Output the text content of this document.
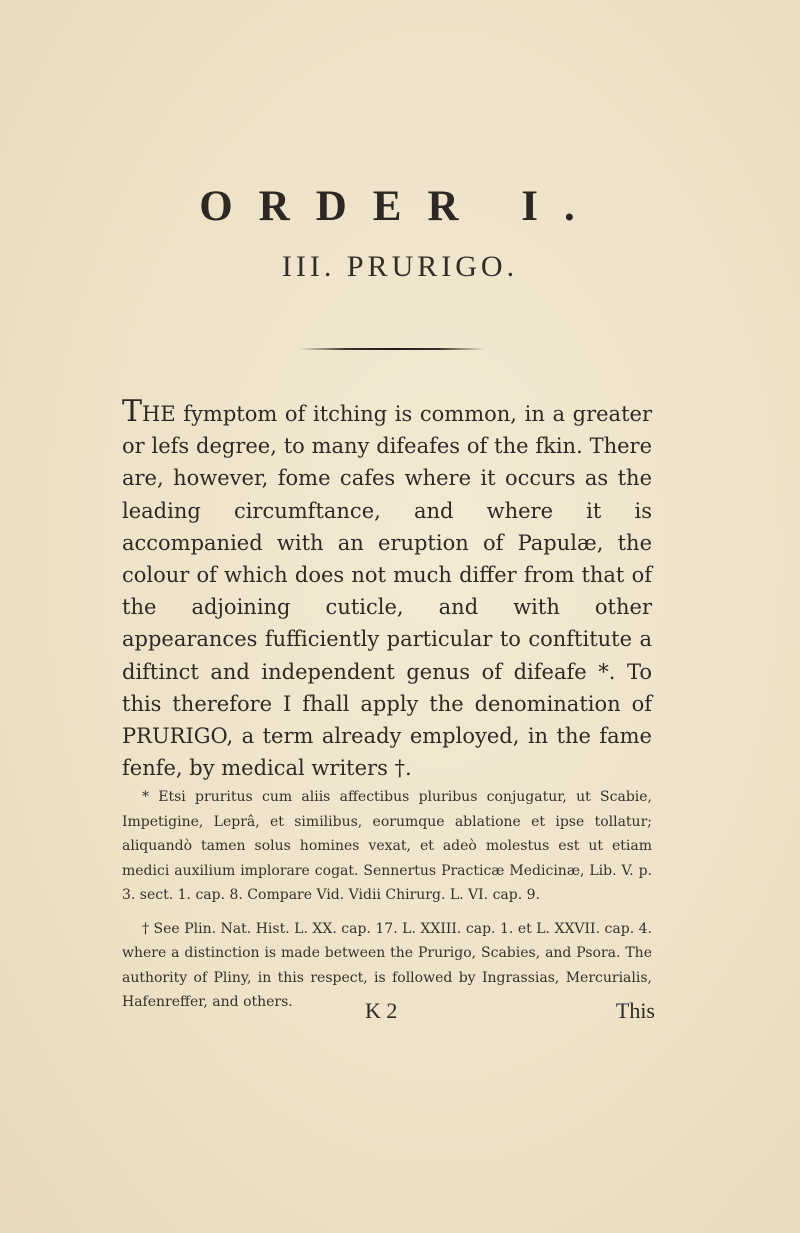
ORDER I.
III. PRURIGO.
THE fymptom of itching is common, in a greater or lefs degree, to many difeafes of the fkin. There are, however, fome cafes where it occurs as the leading circumftance, and where it is accompanied with an eruption of Papulæ, the colour of which does not much differ from that of the adjoining cuticle, and with other appearances fufficiently particular to conftitute a diftinct and independent genus of difeafe *. To this therefore I fhall apply the denomination of PRURIGO, a term already employed, in the fame fenfe, by medical writers †.

* Etsi pruritus cum aliis affectibus pluribus conjugatur, ut Scabie, Impetigine, Leprâ, et similibus, eorumque ablatione et ipse tollatur; aliquandò tamen solus homines vexat, et adeò molestus est ut etiam medici auxilium implorare cogat. Sennertus Practicæ Medicinæ, Lib. V. p. 3. sect. 1. cap. 8. Compare Vid. Vidii Chirurg. L. VI. cap. 9.

† See Plin. Nat. Hist. L. XX. cap. 17. L. XXIII. cap. 1. et L. XXVII. cap. 4. where a distinction is made between the Prurigo, Scabies, and Psora. The authority of Pliny, in this respect, is followed by Ingrassias, Mercurialis, Hafenreffer, and others.	K 2	This
